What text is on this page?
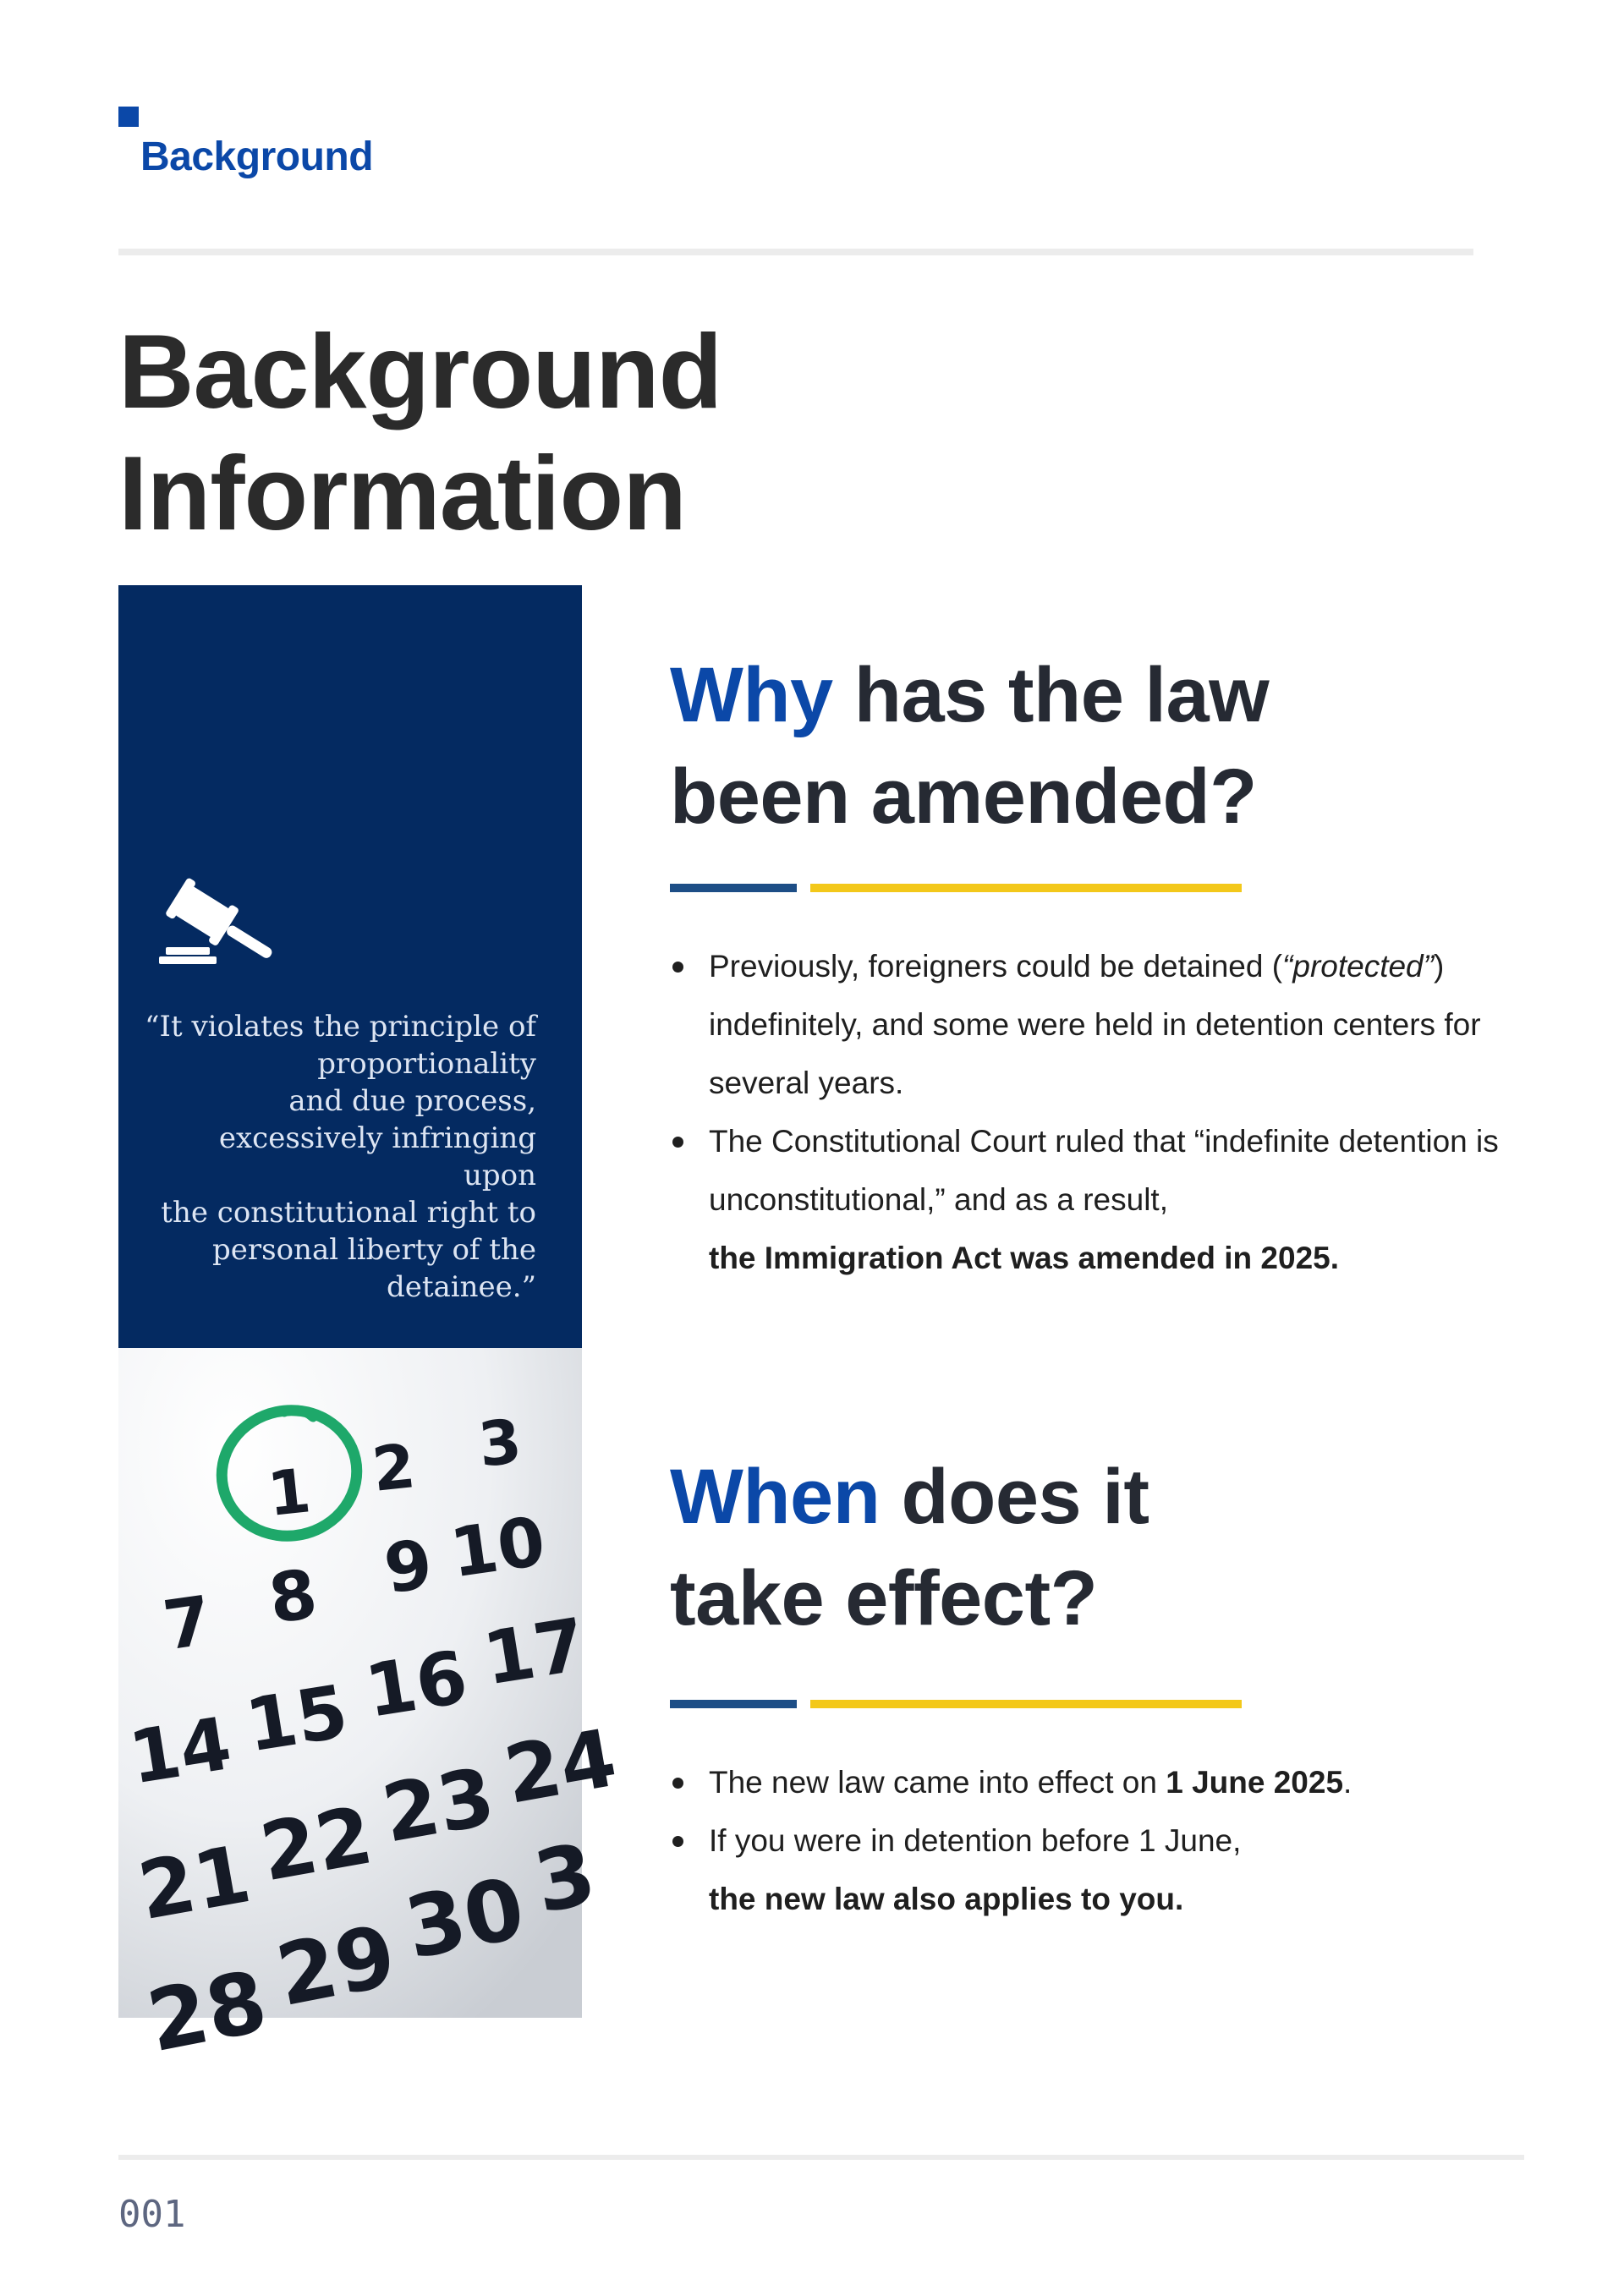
Background
Background
Information
“It violates the principle of
proportionality
and due process,
excessively infringing upon
the constitutional right to
personal liberty of the
detainee.”
1 2 3
7 8 9 10
14 15 16 17
21
22
23
24
28
29
30
3
Why has the law
been amended?
Previously, foreigners could be detained (“protected”) indefinitely, and some were held in detention centers for several years.
The Constitutional Court ruled that “indefinite detention is unconstitutional,” and as a result,
the Immigration Act was amended in 2025.
When does it
take effect?
The new law came into effect on 1 June 2025.
If you were in detention before 1 June,
the new law also applies to you.
001
